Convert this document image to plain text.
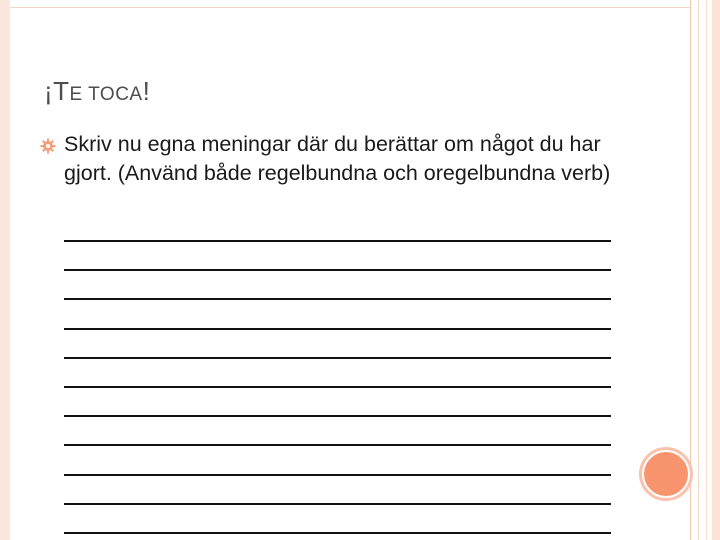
¡TE TOCA!
Skriv nu egna meningar där du berättar om något du har gjort. (Använd både regelbundna och oregelbundna verb)
